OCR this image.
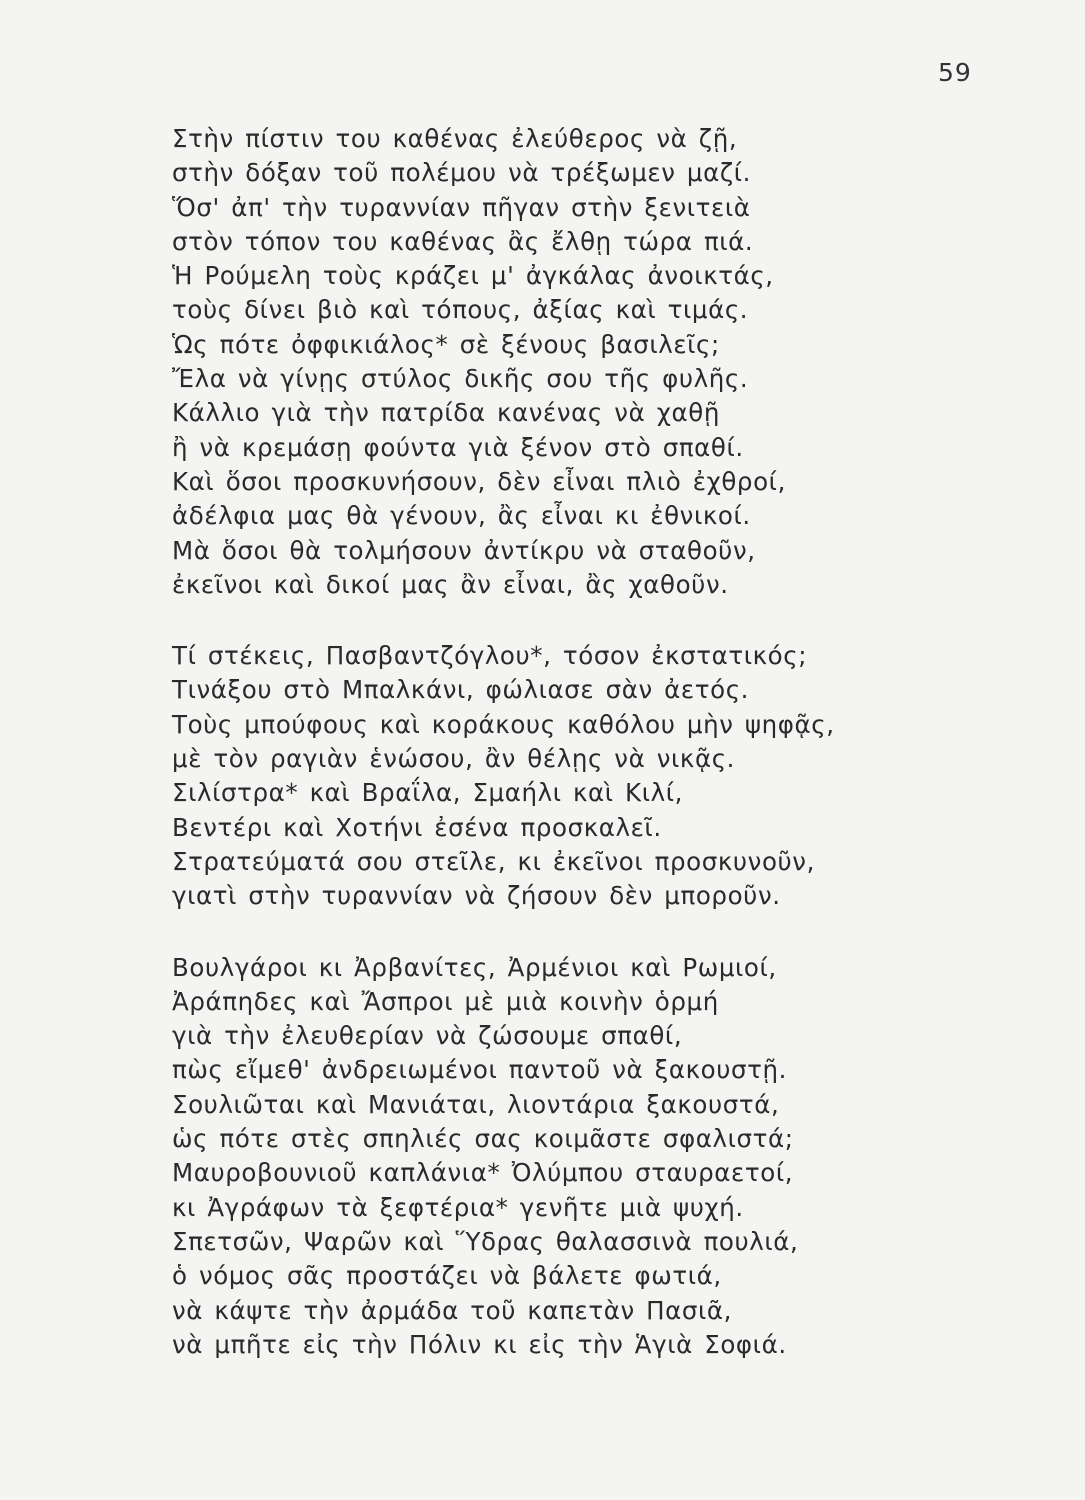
59
Στὴν πίστιν του καθένας ἐλεύθερος νὰ ζῇ,
στὴν δόξαν τοῦ πολέμου νὰ τρέξωμεν μαζί.
Ὅσ' ἀπ' τὴν τυραννίαν πῆγαν στὴν ξενιτειὰ
στὸν τόπον του καθένας ἂς ἔλθῃ τώρα πιά.
Ἡ Ρούμελη τοὺς κράζει μ' ἀγκάλας ἀνοικτάς,
τοὺς δίνει βιὸ καὶ τόπους, ἀξίας καὶ τιμάς.
Ὡς πότε ὀφφικιάλος* σὲ ξένους βασιλεῖς;
Ἔλα νὰ γίνῃς στύλος δικῆς σου τῆς φυλῆς.
Κάλλιο γιὰ τὴν πατρίδα κανένας νὰ χαθῇ
ἢ νὰ κρεμάσῃ φούντα γιὰ ξένον στὸ σπαθί.
Καὶ ὅσοι προσκυνήσουν, δὲν εἶναι πλιὸ ἐχθροί,
ἀδέλφια μας θὰ γένουν, ἂς εἶναι κι ἐθνικοί.
Μὰ ὅσοι θὰ τολμήσουν ἀντίκρυ νὰ σταθοῦν,
ἐκεῖνοι καὶ δικοί μας ἂν εἶναι, ἂς χαθοῦν.
Τί στέκεις, Πασβαντζόγλου*, τόσον ἐκστατικός;
Τινάξου στὸ Μπαλκάνι, φώλιασε σὰν ἀετός.
Τοὺς μπούφους καὶ κοράκους καθόλου μὴν ψηφᾷς,
μὲ τὸν ραγιὰν ἑνώσου, ἂν θέλῃς νὰ νικᾷς.
Σιλίστρα* καὶ Βραΐλα, Σμαήλι καὶ Κιλί,
Βεντέρι καὶ Χοτήνι ἐσένα προσκαλεῖ.
Στρατεύματά σου στεῖλε, κι ἐκεῖνοι προσκυνοῦν,
γιατὶ στὴν τυραννίαν νὰ ζήσουν δὲν μποροῦν.
Βουλγάροι κι Ἀρβανίτες, Ἀρμένιοι καὶ Ρωμιοί,
Ἀράπηδες καὶ Ἄσπροι μὲ μιὰ κοινὴν ὁρμή
γιὰ τὴν ἐλευθερίαν νὰ ζώσουμε σπαθί,
πὼς εἴμεθ' ἀνδρειωμένοι παντοῦ νὰ ξακουστῇ.
Σουλιῶται καὶ Μανιάται, λιοντάρια ξακουστά,
ὡς πότε στὲς σπηλιές σας κοιμᾶστε σφαλιστά;
Μαυροβουνιοῦ καπλάνια* Ὀλύμπου σταυραετοί,
κι Ἀγράφων τὰ ξεφτέρια* γενῆτε μιὰ ψυχή.
Σπετσῶν, Ψαρῶν καὶ Ὕδρας θαλασσινὰ πουλιά,
ὁ νόμος σᾶς προστάζει νὰ βάλετε φωτιά,
νὰ κάψτε τὴν ἀρμάδα τοῦ καπετὰν Πασιᾶ,
νὰ μπῆτε εἰς τὴν Πόλιν κι εἰς τὴν Ἁγιὰ Σοφιά.
